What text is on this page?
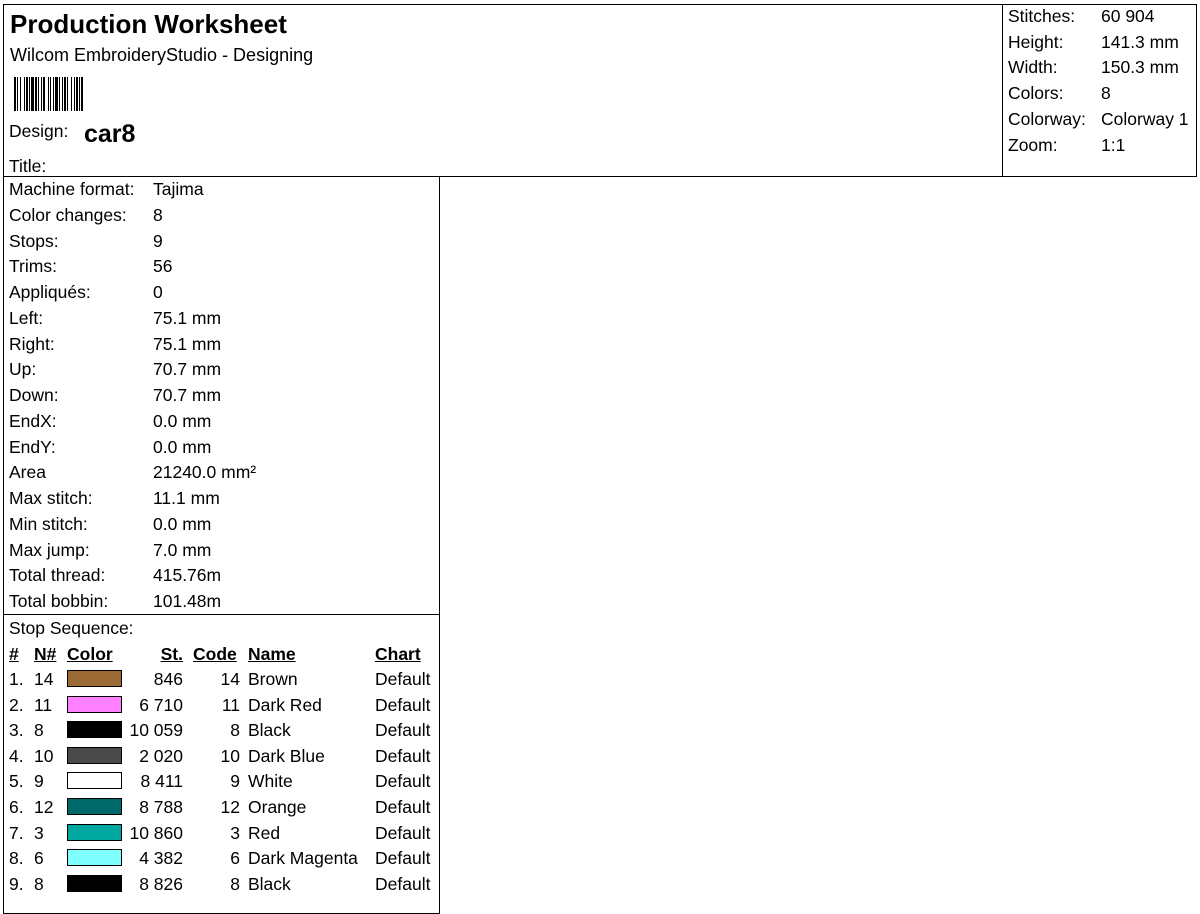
Production Worksheet
Wilcom EmbroideryStudio - Designing
Design: car8
Title:
Stitches: 60 904
Height: 141.3 mm
Width: 150.3 mm
Colors: 8
Colorway: Colorway 1
Zoom: 1:1
Machine format: Tajima
Color changes: 8
Stops:	9
Trims:	56
Appliqués:	0
Left:	75.1 mm
Right:	75.1 mm
Up:	70.7 mm
Down:	70.7 mm
EndX:	0.0 mm
EndY:	0.0 mm
Area	21240.0 mm²
Max stitch:	11.1 mm
Min stitch:	0.0 mm
Max jump:	7.0 mm
Total thread:	415.76m
Total bobbin:	101.48m
Stop Sequence:
# N# Color	St. Code Name	Chart
1. 14	846	14 Brown	Default
2. 11	6 710	11 Dark Red	Default
3. 8	10 059	8 Black	Default
4. 10	2 020	10 Dark Blue	Default
5. 9	8 411	9 White	Default
6. 12	8 788	12 Orange	Default
7. 3	10 860	3 Red	Default
8. 6	4 382	6 Dark Magenta Default
9. 8	8 826	8 Black	Default
